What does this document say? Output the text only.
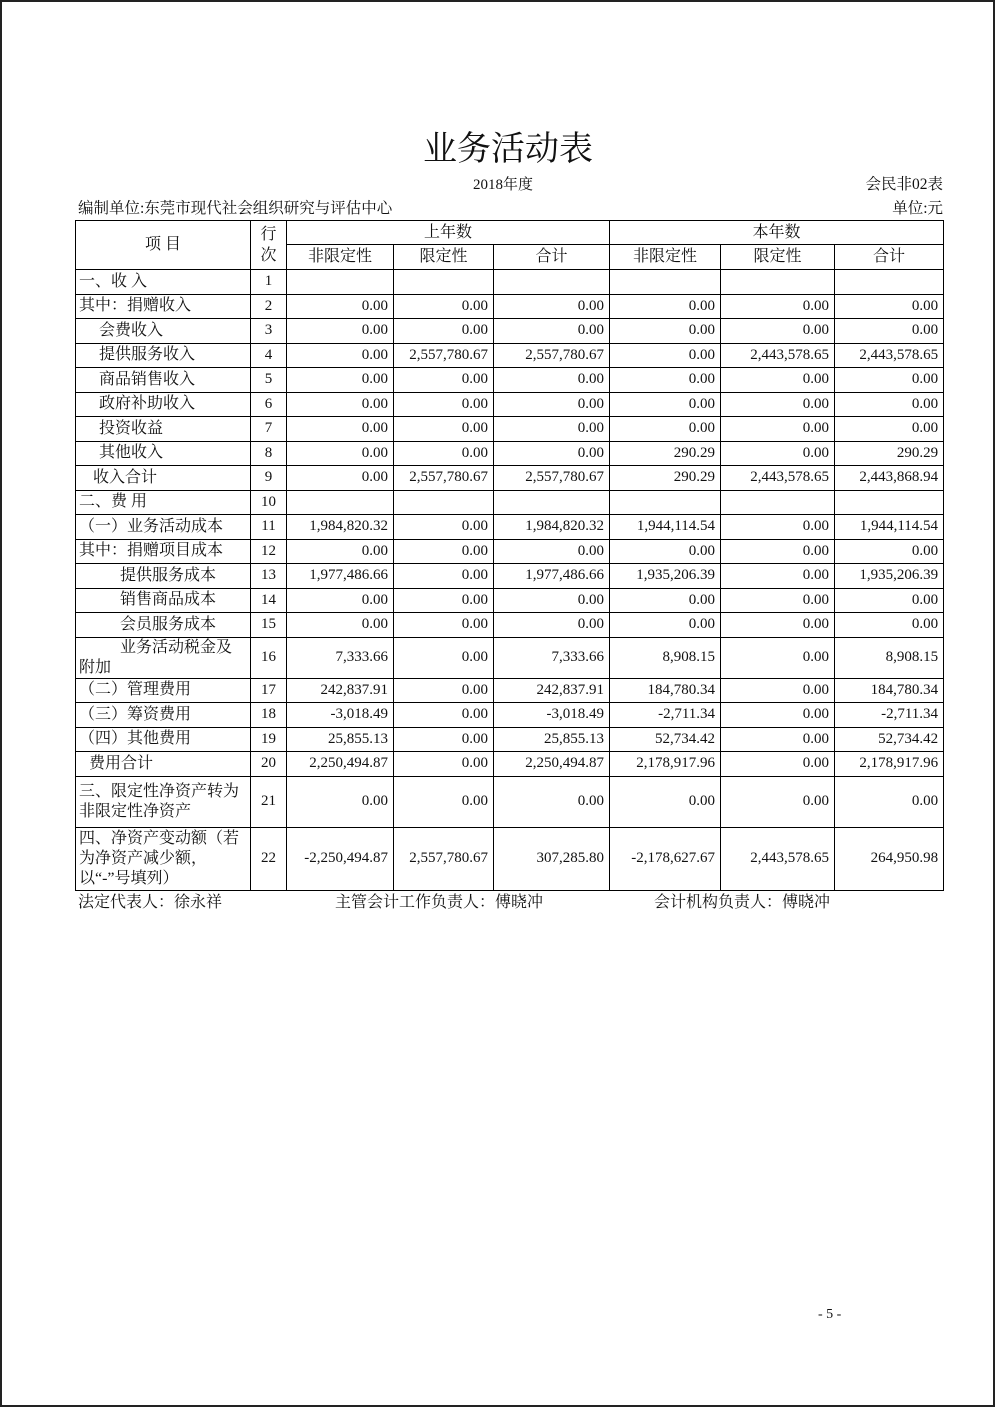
业务活动表
2018年度	会民非02表
编制单位:东莞市现代社会组织研究与评估中心	单位:元
项 目	行
次	上年数			本年数		
		非限定性	限定性	合计	非限定性	限定性	合计

一、收 入	1						

其中：捐赠收入	2	0.00	0.00	0.00	0.00	0.00	0.00

会费收入	3	0.00	0.00	0.00	0.00	0.00	0.00

提供服务收入	4	0.00	2,557,780.67	2,557,780.67	0.00	2,443,578.65	2,443,578.65

商品销售收入	5	0.00	0.00	0.00	0.00	0.00	0.00

政府补助收入	6	0.00	0.00	0.00	0.00	0.00	0.00

投资收益	7	0.00	0.00	0.00	0.00	0.00	0.00

其他收入	8	0.00	0.00	0.00	290.29	0.00	290.29

收入合计	9	0.00	2,557,780.67	2,557,780.67	290.29	2,443,578.65	2,443,868.94

二、费 用	10						

（一）业务活动成本	11	1,984,820.32	0.00	1,984,820.32	1,944,114.54	0.00	1,944,114.54

其中：捐赠项目成本	12	0.00	0.00	0.00	0.00	0.00	0.00

提供服务成本	13	1,977,486.66	0.00	1,977,486.66	1,935,206.39	0.00	1,935,206.39

销售商品成本	14	0.00	0.00	0.00	0.00	0.00	0.00

会员服务成本	15	0.00	0.00	0.00	0.00	0.00	0.00

业务活动税金及附加	16	7,333.66	0.00	7,333.66	8,908.15	0.00	8,908.15

（二）管理费用	17	242,837.91	0.00	242,837.91	184,780.34	0.00	184,780.34

（三）筹资费用	18	-3,018.49	0.00	-3,018.49	-2,711.34	0.00	-2,711.34

（四）其他费用	19	25,855.13	0.00	25,855.13	52,734.42	0.00	52,734.42

费用合计	20	2,250,494.87	0.00	2,250,494.87	2,178,917.96	0.00	2,178,917.96

三、限定性净资产转为非限定性净资产	21	0.00	0.00	0.00	0.00	0.00	0.00

四、净资产变动额（若为净资产减少额，以“-”号填列）	22	-2,250,494.87	2,557,780.67	307,285.80	-2,178,627.67	2,443,578.65	264,950.98
法定代表人：徐永祥	主管会计工作负责人：傅晓冲	会计机构负责人：傅晓冲
- 5 -
